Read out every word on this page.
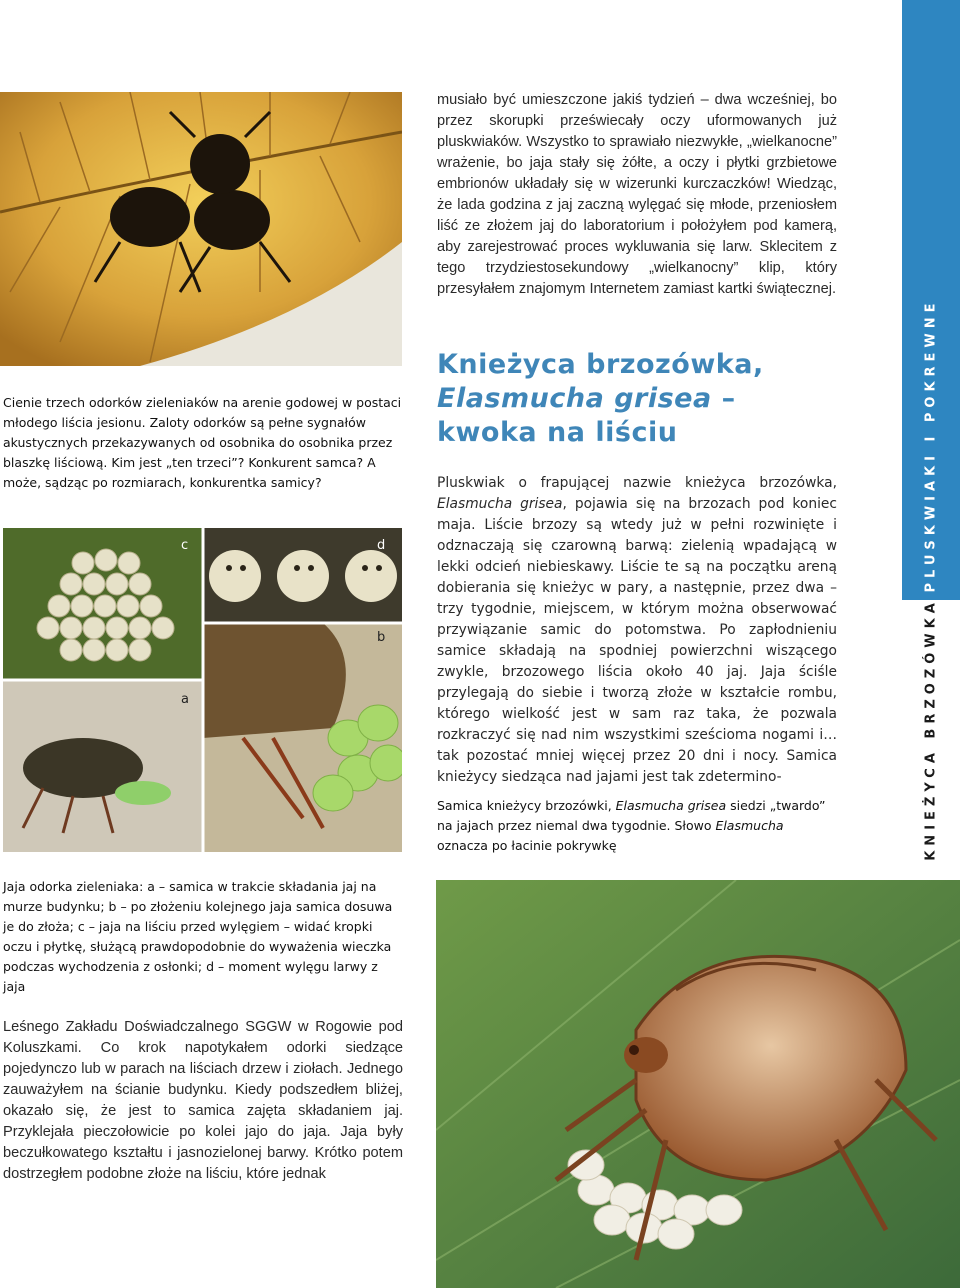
musiało być umieszczone jakiś tydzień – dwa wcześniej, bo przez skorupki przeświecały oczy uformowanych już pluskwiaków. Wszystko to sprawiało niezwykłe, „wielkanocne” wrażenie, bo jaja stały się żółte, a oczy i płytki grzbietowe embrionów układały się w wizerunki kurczaczków! Wiedząc, że lada godzina z jaj zaczną wylęgać się młode, przeniosłem liść ze złożem jaj do laboratorium i położyłem pod kamerą, aby zarejestrować proces wykluwania się larw. Sklecitem z tego trzydziestosekundowy „wielkanocny” klip, który przesyłałem znajomym Internetem zamiast kartki świątecznej.
Cienie trzech odorków zieleniaków na arenie godowej w postaci młodego liścia jesionu. Zaloty odorków są pełne sygnałów akustycznych przekazywanych od osobnika do osobnika przez blaszkę liściową. Kim jest „ten trzeci”? Konkurent samca? A może, sądząc po rozmiarach, konkurentka samicy?
Knieżyca brzozówka,
Elasmucha grisea –
kwoka na liściu
Pluskwiak o frapującej nazwie knieżyca brzozówka, Elasmucha grisea, pojawia się na brzozach pod koniec maja. Liście brzozy są wtedy już w pełni rozwinięte i odznaczają się czarowną barwą: zielenią wpadającą w lekki odcień niebieskawy. Liście te są na początku areną dobierania się knieżyc w pary, a następnie, przez dwa – trzy tygodnie, miejscem, w którym można obserwować przywiązanie samic do potomstwa. Po zapłodnieniu samice składają na spodniej powierzchni wiszącego zwykle, brzozowego liścia około 40 jaj. Jaja ściśle przylegają do siebie i tworzą złoże w kształcie rombu, którego wielkość jest w sam raz taka, że pozwala rozkraczyć się nad nim wszystkimi sześcioma nogami i… tak pozostać mniej więcej przez 20 dni i nocy. Samica knieżycy siedząca nad jajami jest tak zdetermino-
Samica knieżycy brzozówki, Elasmucha grisea siedzi „twardo” na jajach przez niemal dwa tygodnie. Słowo Elasmucha oznacza po łacinie pokrywkę
c	d
b
a
Jaja odorka zieleniaka: a – samica w trakcie składania jaj na murze budynku; b – po złożeniu kolejnego jaja samica dosuwa je do złoża; c – jaja na liściu przed wylęgiem – widać kropki oczu i płytkę, służącą prawdopodobnie do wyważenia wieczka podczas wychodzenia z osłonki; d – moment wylęgu larwy z jaja
Leśnego Zakładu Doświadczalnego SGGW w Rogowie pod Koluszkami. Co krok napotykałem odorki siedzące pojedynczo lub w parach na liściach drzew i ziołach. Jednego zauważyłem na ścianie budynku. Kiedy podszedłem bliżej, okazało się, że jest to samica zajęta składaniem jaj. Przyklejała pieczołowicie po kolei jajo do jaja. Jaja były beczułkowatego kształtu i jasnozielonej barwy. Krótko potem dostrzegłem podobne złoże na liściu, które jednak
PLUSKWIAKI I POKREWNE
KNIEŻYCA BRZOZÓWKA
